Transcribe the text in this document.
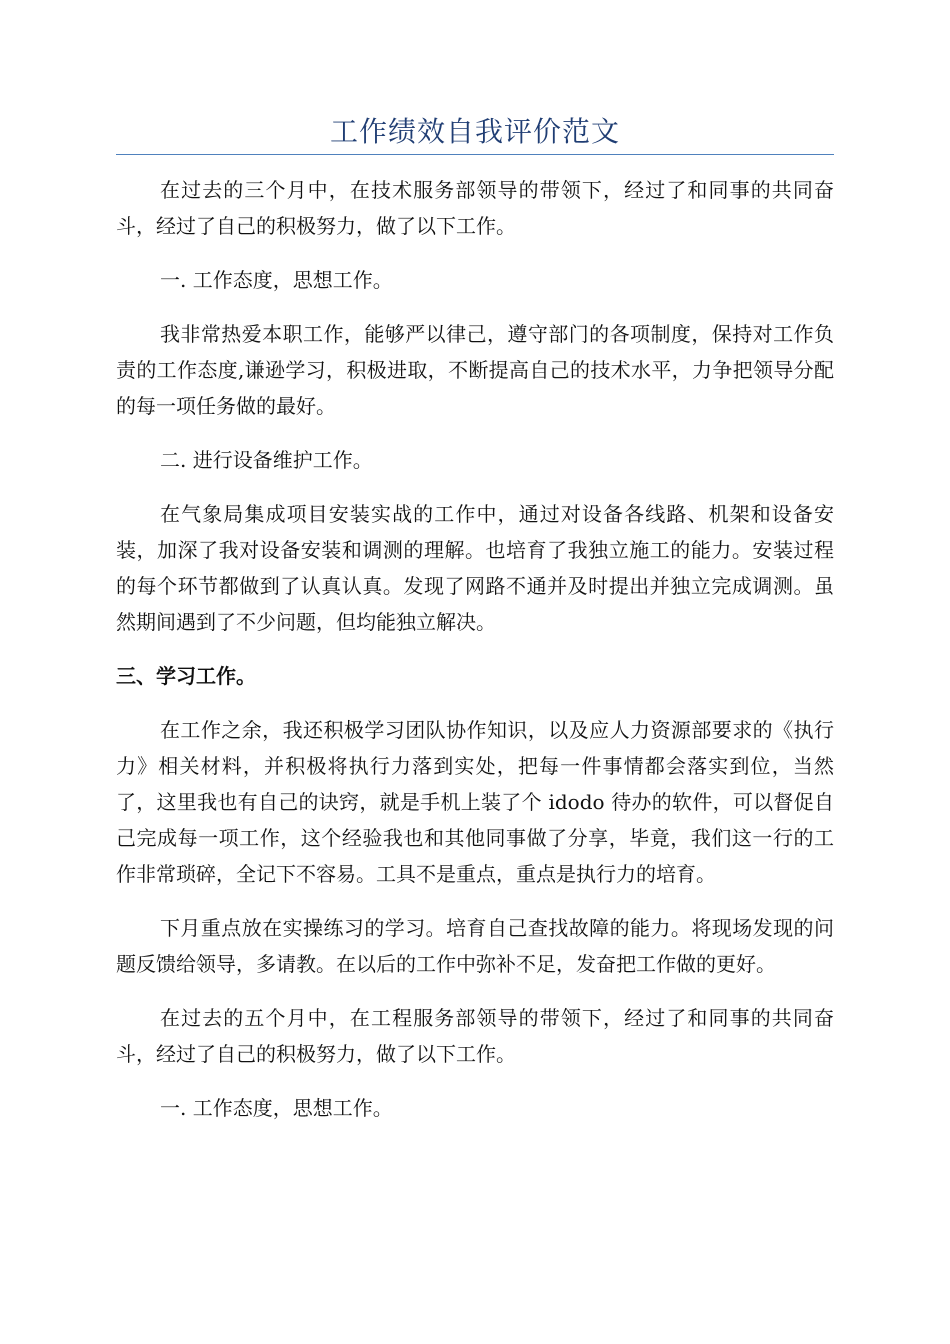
工作绩效自我评价范文

在过去的三个月中，在技术服务部领导的带领下，经过了和同事的共同奋斗，经过了自己的积极努力，做了以下工作。

一. 工作态度，思想工作。

我非常热爱本职工作，能够严以律己，遵守部门的各项制度，保持对工作负责的工作态度,谦逊学习，积极进取，不断提高自己的技术水平，力争把领导分配的每一项任务做的最好。

二. 进行设备维护工作。

在气象局集成项目安装实战的工作中，通过对设备各线路、机架和设备安装，加深了我对设备安装和调测的理解。也培育了我独立施工的能力。安装过程的每个环节都做到了认真认真。发现了网路不通并及时提出并独立完成调测。虽然期间遇到了不少问题，但均能独立解决。

三、学习工作。

在工作之余，我还积极学习团队协作知识，以及应人力资源部要求的《执行力》相关材料，并积极将执行力落到实处，把每一件事情都会落实到位，当然了，这里我也有自己的诀窍，就是手机上装了个 idodo 待办的软件，可以督促自己完成每一项工作，这个经验我也和其他同事做了分享，毕竟，我们这一行的工作非常琐碎，全记下不容易。工具不是重点，重点是执行力的培育。

下月重点放在实操练习的学习。培育自己查找故障的能力。将现场发现的问题反馈给领导，多请教。在以后的工作中弥补不足，发奋把工作做的更好。

在过去的五个月中，在工程服务部领导的带领下，经过了和同事的共同奋斗，经过了自己的积极努力，做了以下工作。

一. 工作态度，思想工作。
